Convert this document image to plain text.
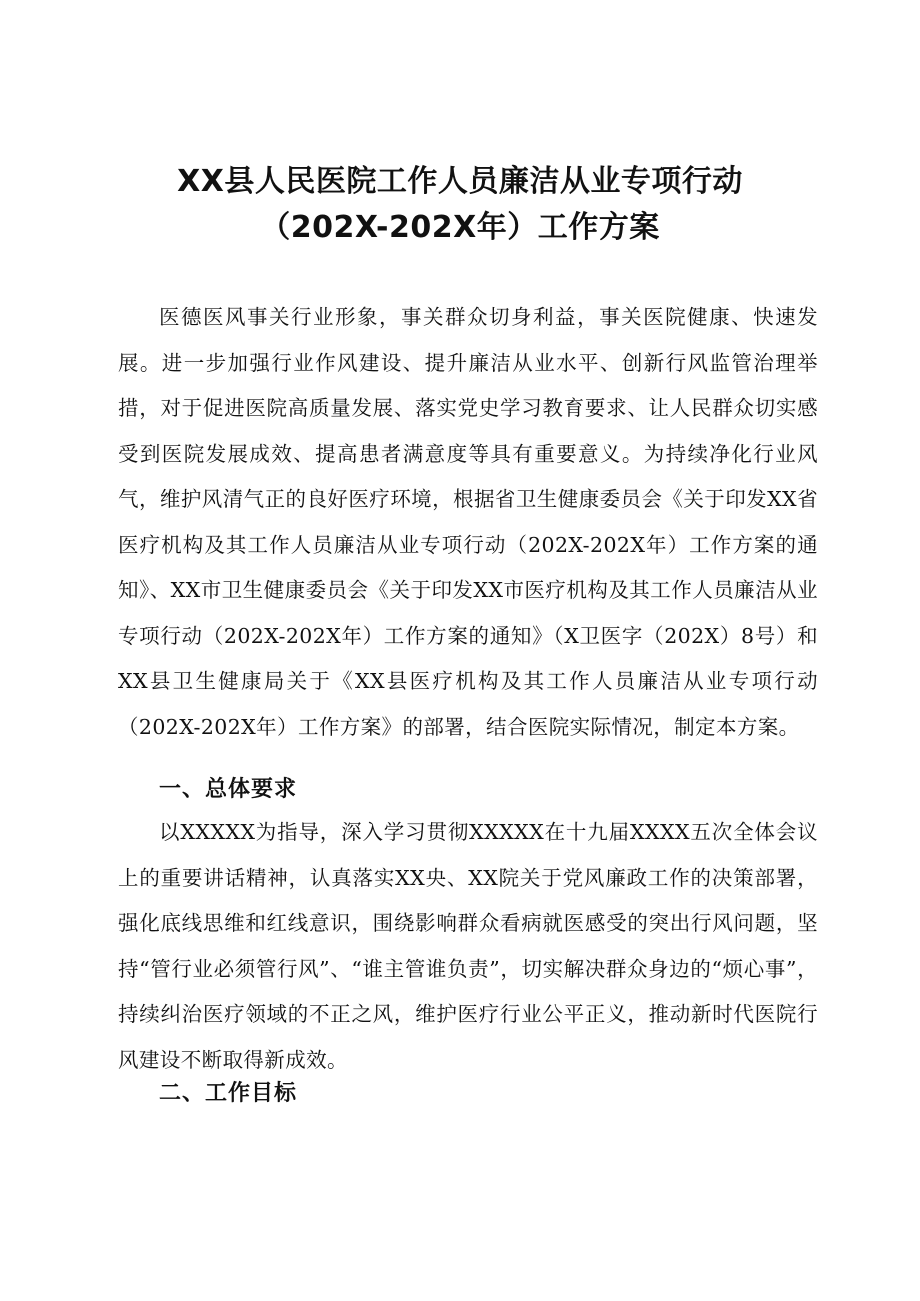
XX县人民医院工作人员廉洁从业专项行动
（202X-202X年）工作方案

医德医风事关行业形象，事关群众切身利益，事关医院健康、快速发展。进一步加强行业作风建设、提升廉洁从业水平、创新行风监管治理举措，对于促进医院高质量发展、落实党史学习教育要求、让人民群众切实感受到医院发展成效、提高患者满意度等具有重要意义。为持续净化行业风气，维护风清气正的良好医疗环境，根据省卫生健康委员会《关于印发XX省医疗机构及其工作人员廉洁从业专项行动（202X-202X年）工作方案的通知》、XX市卫生健康委员会《关于印发XX市医疗机构及其工作人员廉洁从业专项行动（202X-202X年）工作方案的通知》（X卫医字（202X）8号）和XX县卫生健康局关于《XX县医疗机构及其工作人员廉洁从业专项行动（202X-202X年）工作方案》的部署，结合医院实际情况，制定本方案。

一、总体要求

以XXXXX为指导，深入学习贯彻XXXXX在十九届XXXX五次全体会议上的重要讲话精神，认真落实XX央、XX院关于党风廉政工作的决策部署，强化底线思维和红线意识，围绕影响群众看病就医感受的突出行风问题，坚持“管行业必须管行风”、“谁主管谁负责”，切实解决群众身边的“烦心事”，持续纠治医疗领域的不正之风，维护医疗行业公平正义，推动新时代医院行风建设不断取得新成效。

二、工作目标
